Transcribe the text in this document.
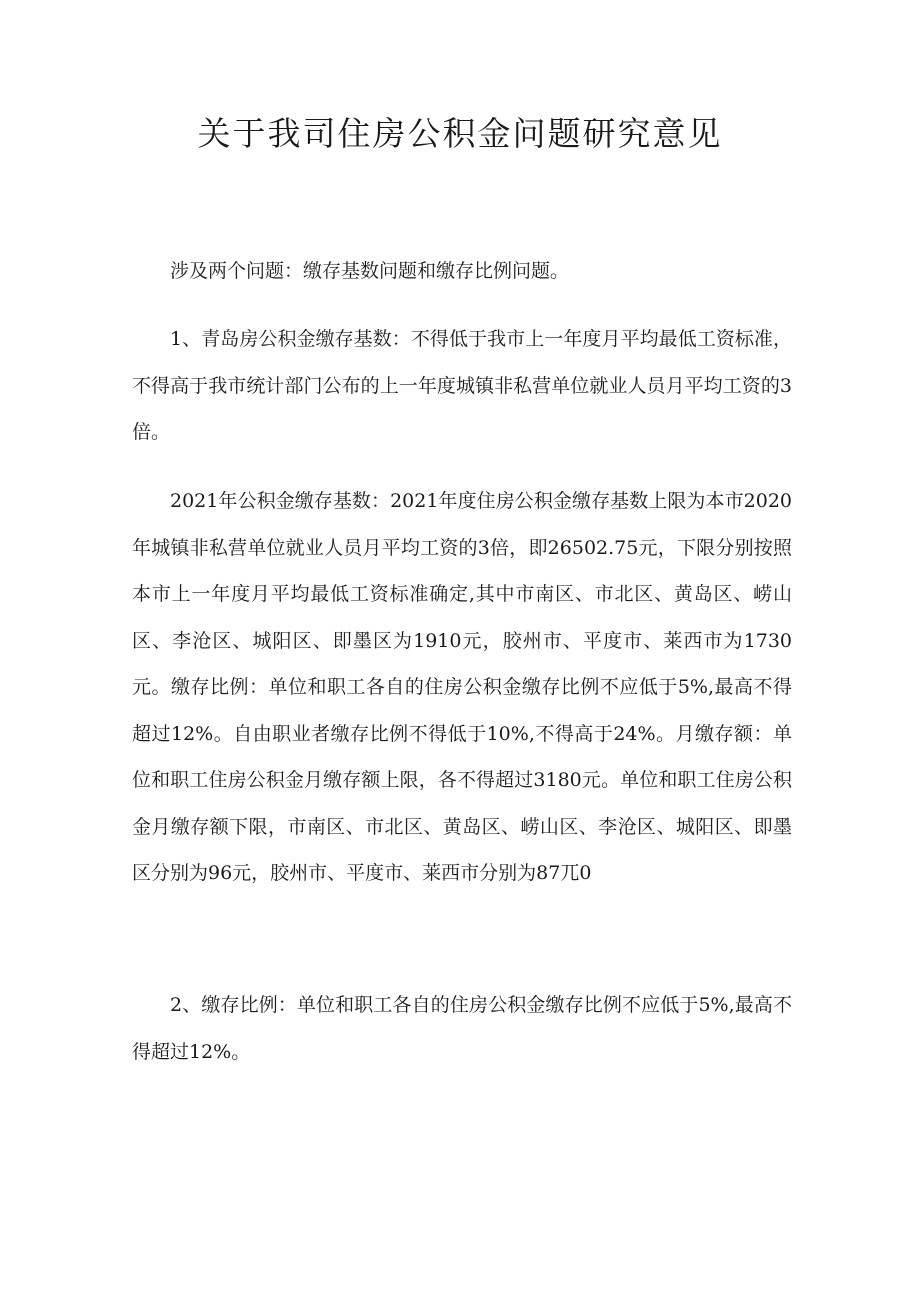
关于我司住房公积金问题研究意见

涉及两个问题：缴存基数问题和缴存比例问题。

1、青岛房公积金缴存基数：不得低于我市上一年度月平均最低工资标准，不得高于我市统计部门公布的上一年度城镇非私营单位就业人员月平均工资的3倍。

2021年公积金缴存基数：2021年度住房公积金缴存基数上限为本市2020年城镇非私营单位就业人员月平均工资的3倍，即26502.75元，下限分别按照本市上一年度月平均最低工资标准确定,其中市南区、市北区、黄岛区、崂山区、李沧区、城阳区、即墨区为1910元，胶州市、平度市、莱西市为1730元。缴存比例：单位和职工各自的住房公积金缴存比例不应低于5%,最高不得超过12%。自由职业者缴存比例不得低于10%,不得高于24%。月缴存额：单位和职工住房公积金月缴存额上限，各不得超过3180元。单位和职工住房公积金月缴存额下限，市南区、市北区、黄岛区、崂山区、李沧区、城阳区、即墨区分别为96元，胶州市、平度市、莱西市分别为87兀0

2、缴存比例：单位和职工各自的住房公积金缴存比例不应低于5%,最高不得超过12%。
